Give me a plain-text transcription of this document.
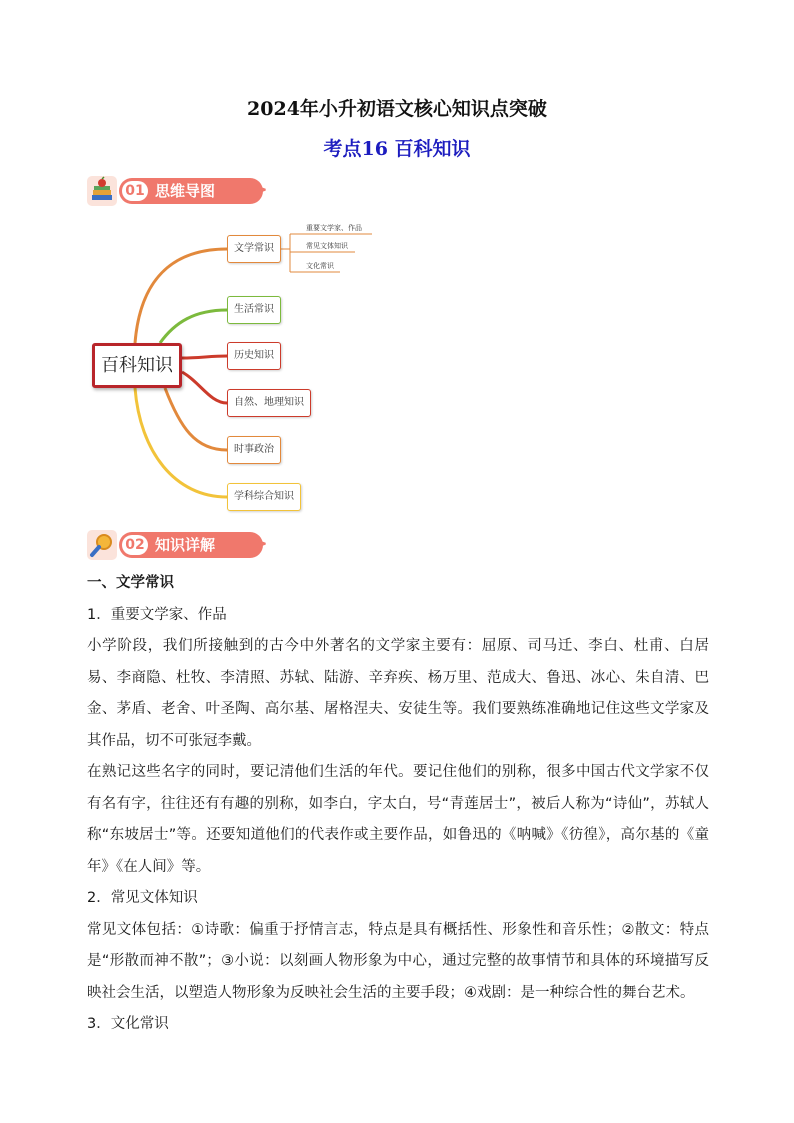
2024年小升初语文核心知识点突破
考点16 百科知识
01 思维导图 >>
百科知识
文学常识
生活常识
历史知识
自然、地理知识
时事政治
学科综合知识
重要文学家、作品
常见文体知识
文化常识
02 知识详解 >>

一、文学常识

1．重要文学家、作品

小学阶段，我们所接触到的古今中外著名的文学家主要有：屈原、司马迁、李白、杜甫、白居易、李商隐、杜牧、李清照、苏轼、陆游、辛弃疾、杨万里、范成大、鲁迅、冰心、朱自清、巴金、茅盾、老舍、叶圣陶、高尔基、屠格涅夫、安徒生等。我们要熟练准确地记住这些文学家及其作品，切不可张冠李戴。

在熟记这些名字的同时，要记清他们生活的年代。要记住他们的别称，很多中国古代文学家不仅有名有字，往往还有有趣的别称，如李白，字太白，号“青莲居士”，被后人称为“诗仙”，苏轼人称“东坡居士”等。还要知道他们的代表作或主要作品，如鲁迅的《呐喊》《彷徨》，高尔基的《童年》《在人间》等。

2．常见文体知识

常见文体包括：①诗歌：偏重于抒情言志，特点是具有概括性、形象性和音乐性；②散文：特点是“形散而神不散”；③小说：以刻画人物形象为中心，通过完整的故事情节和具体的环境描写反映社会生活，以塑造人物形象为反映社会生活的主要手段；④戏剧：是一种综合性的舞台艺术。

3．文化常识
